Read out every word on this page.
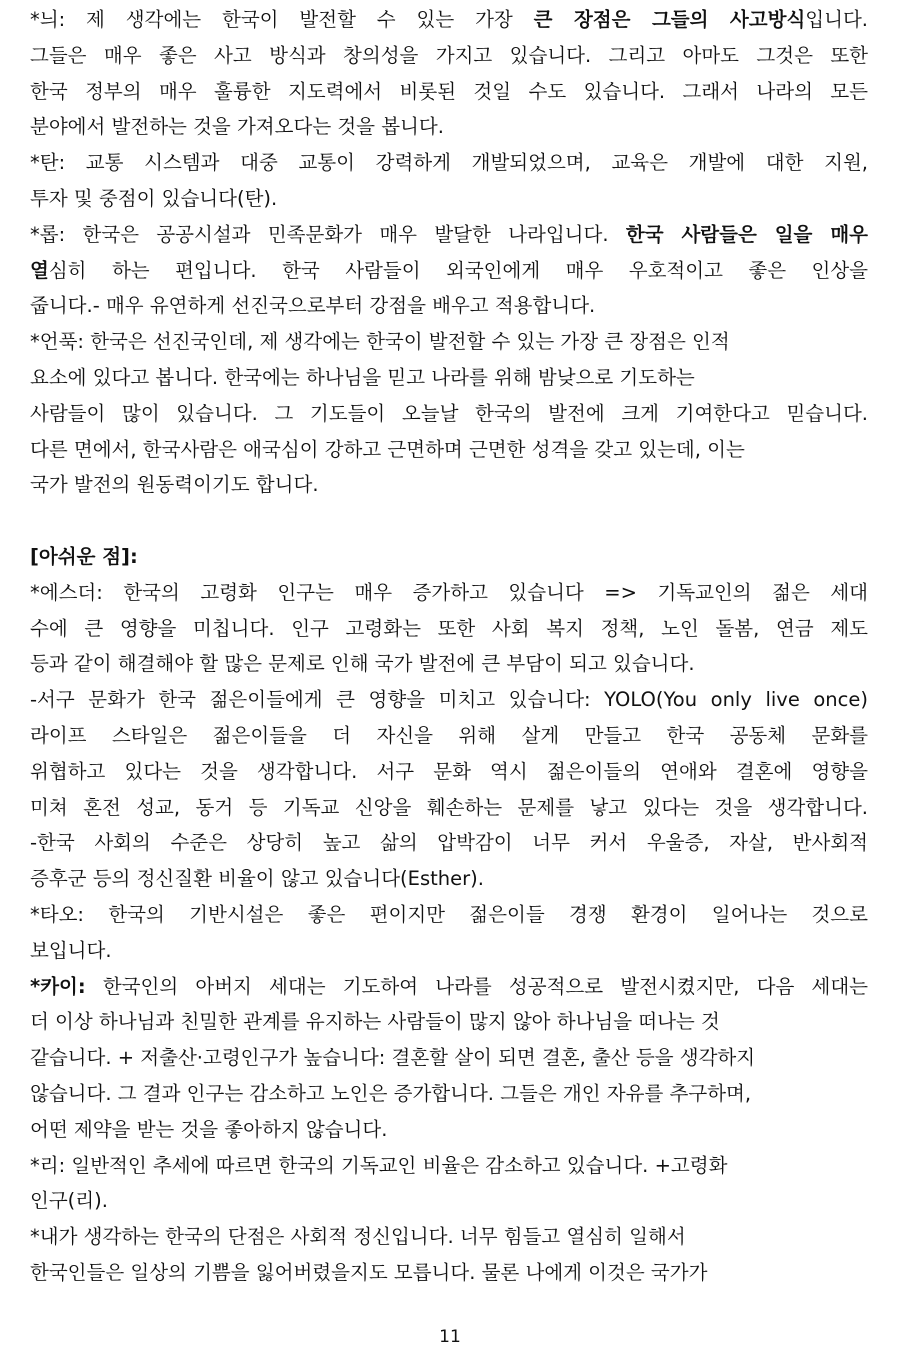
*늬: 제 생각에는 한국이 발전할 수 있는 가장 큰 장점은 그들의 사고방식입니다.
그들은 매우 좋은 사고 방식과 창의성을 가지고 있습니다. 그리고 아마도 그것은 또한
한국 정부의 매우 훌륭한 지도력에서 비롯된 것일 수도 있습니다. 그래서 나라의 모든
분야에서 발전하는 것을 가져오다는 것을 봅니다.
*탄: 교통 시스템과 대중 교통이 강력하게 개발되었으며, 교육은 개발에 대한 지원,
투자 및 중점이 있습니다(탄).
*롭: 한국은 공공시설과 민족문화가 매우 발달한 나라입니다. 한국 사람들은 일을 매우
열심히 하는 편입니다. 한국 사람들이 외국인에게 매우 우호적이고 좋은 인상을
줍니다.- 매우 유연하게 선진국으로부터 강점을 배우고 적용합니다.
*언푹: 한국은 선진국인데, 제 생각에는 한국이 발전할 수 있는 가장 큰 장점은 인적
요소에 있다고 봅니다. 한국에는 하나님을 믿고 나라를 위해 밤낮으로 기도하는
사람들이 많이 있습니다. 그 기도들이 오늘날 한국의 발전에 크게 기여한다고 믿습니다.
다른 면에서, 한국사람은 애국심이 강하고 근면하며 근면한 성격을 갖고 있는데, 이는
국가 발전의 원동력이기도 합니다.
[아쉬운 점]:
*에스더: 한국의 고령화 인구는 매우 증가하고 있습니다 => 기독교인의 젊은 세대
수에 큰 영향을 미칩니다. 인구 고령화는 또한 사회 복지 정책, 노인 돌봄, 연금 제도
등과 같이 해결해야 할 많은 문제로 인해 국가 발전에 큰 부담이 되고 있습니다.
-서구 문화가 한국 젊은이들에게 큰 영향을 미치고 있습니다: YOLO(You only live once)
라이프 스타일은 젊은이들을 더 자신을 위해 살게 만들고 한국 공동체 문화를
위협하고 있다는 것을 생각합니다. 서구 문화 역시 젊은이들의 연애와 결혼에 영향을
미쳐 혼전 성교, 동거 등 기독교 신앙을 훼손하는 문제를 낳고 있다는 것을 생각합니다.
-한국 사회의 수준은 상당히 높고 삶의 압박감이 너무 커서 우울증, 자살, 반사회적
증후군 등의 정신질환 비율이 않고 있습니다(Esther).
*타오: 한국의 기반시설은 좋은 편이지만 젊은이들 경쟁 환경이 일어나는 것으로
보입니다.
*카이: 한국인의 아버지 세대는 기도하여 나라를 성공적으로 발전시켰지만, 다음 세대는
더 이상 하나님과 친밀한 관계를 유지하는 사람들이 많지 않아 하나님을 떠나는 것
같습니다. + 저출산·고령인구가 높습니다: 결혼할 살이 되면 결혼, 출산 등을 생각하지
않습니다. 그 결과 인구는 감소하고 노인은 증가합니다. 그들은 개인 자유를 추구하며,
어떤 제약을 받는 것을 좋아하지 않습니다.
*리: 일반적인 추세에 따르면 한국의 기독교인 비율은 감소하고 있습니다. +고령화
인구(리).
*내가 생각하는 한국의 단점은 사회적 정신입니다. 너무 힘들고 열심히 일해서
한국인들은 일상의 기쁨을 잃어버렸을지도 모릅니다. 물론 나에게 이것은 국가가
11
